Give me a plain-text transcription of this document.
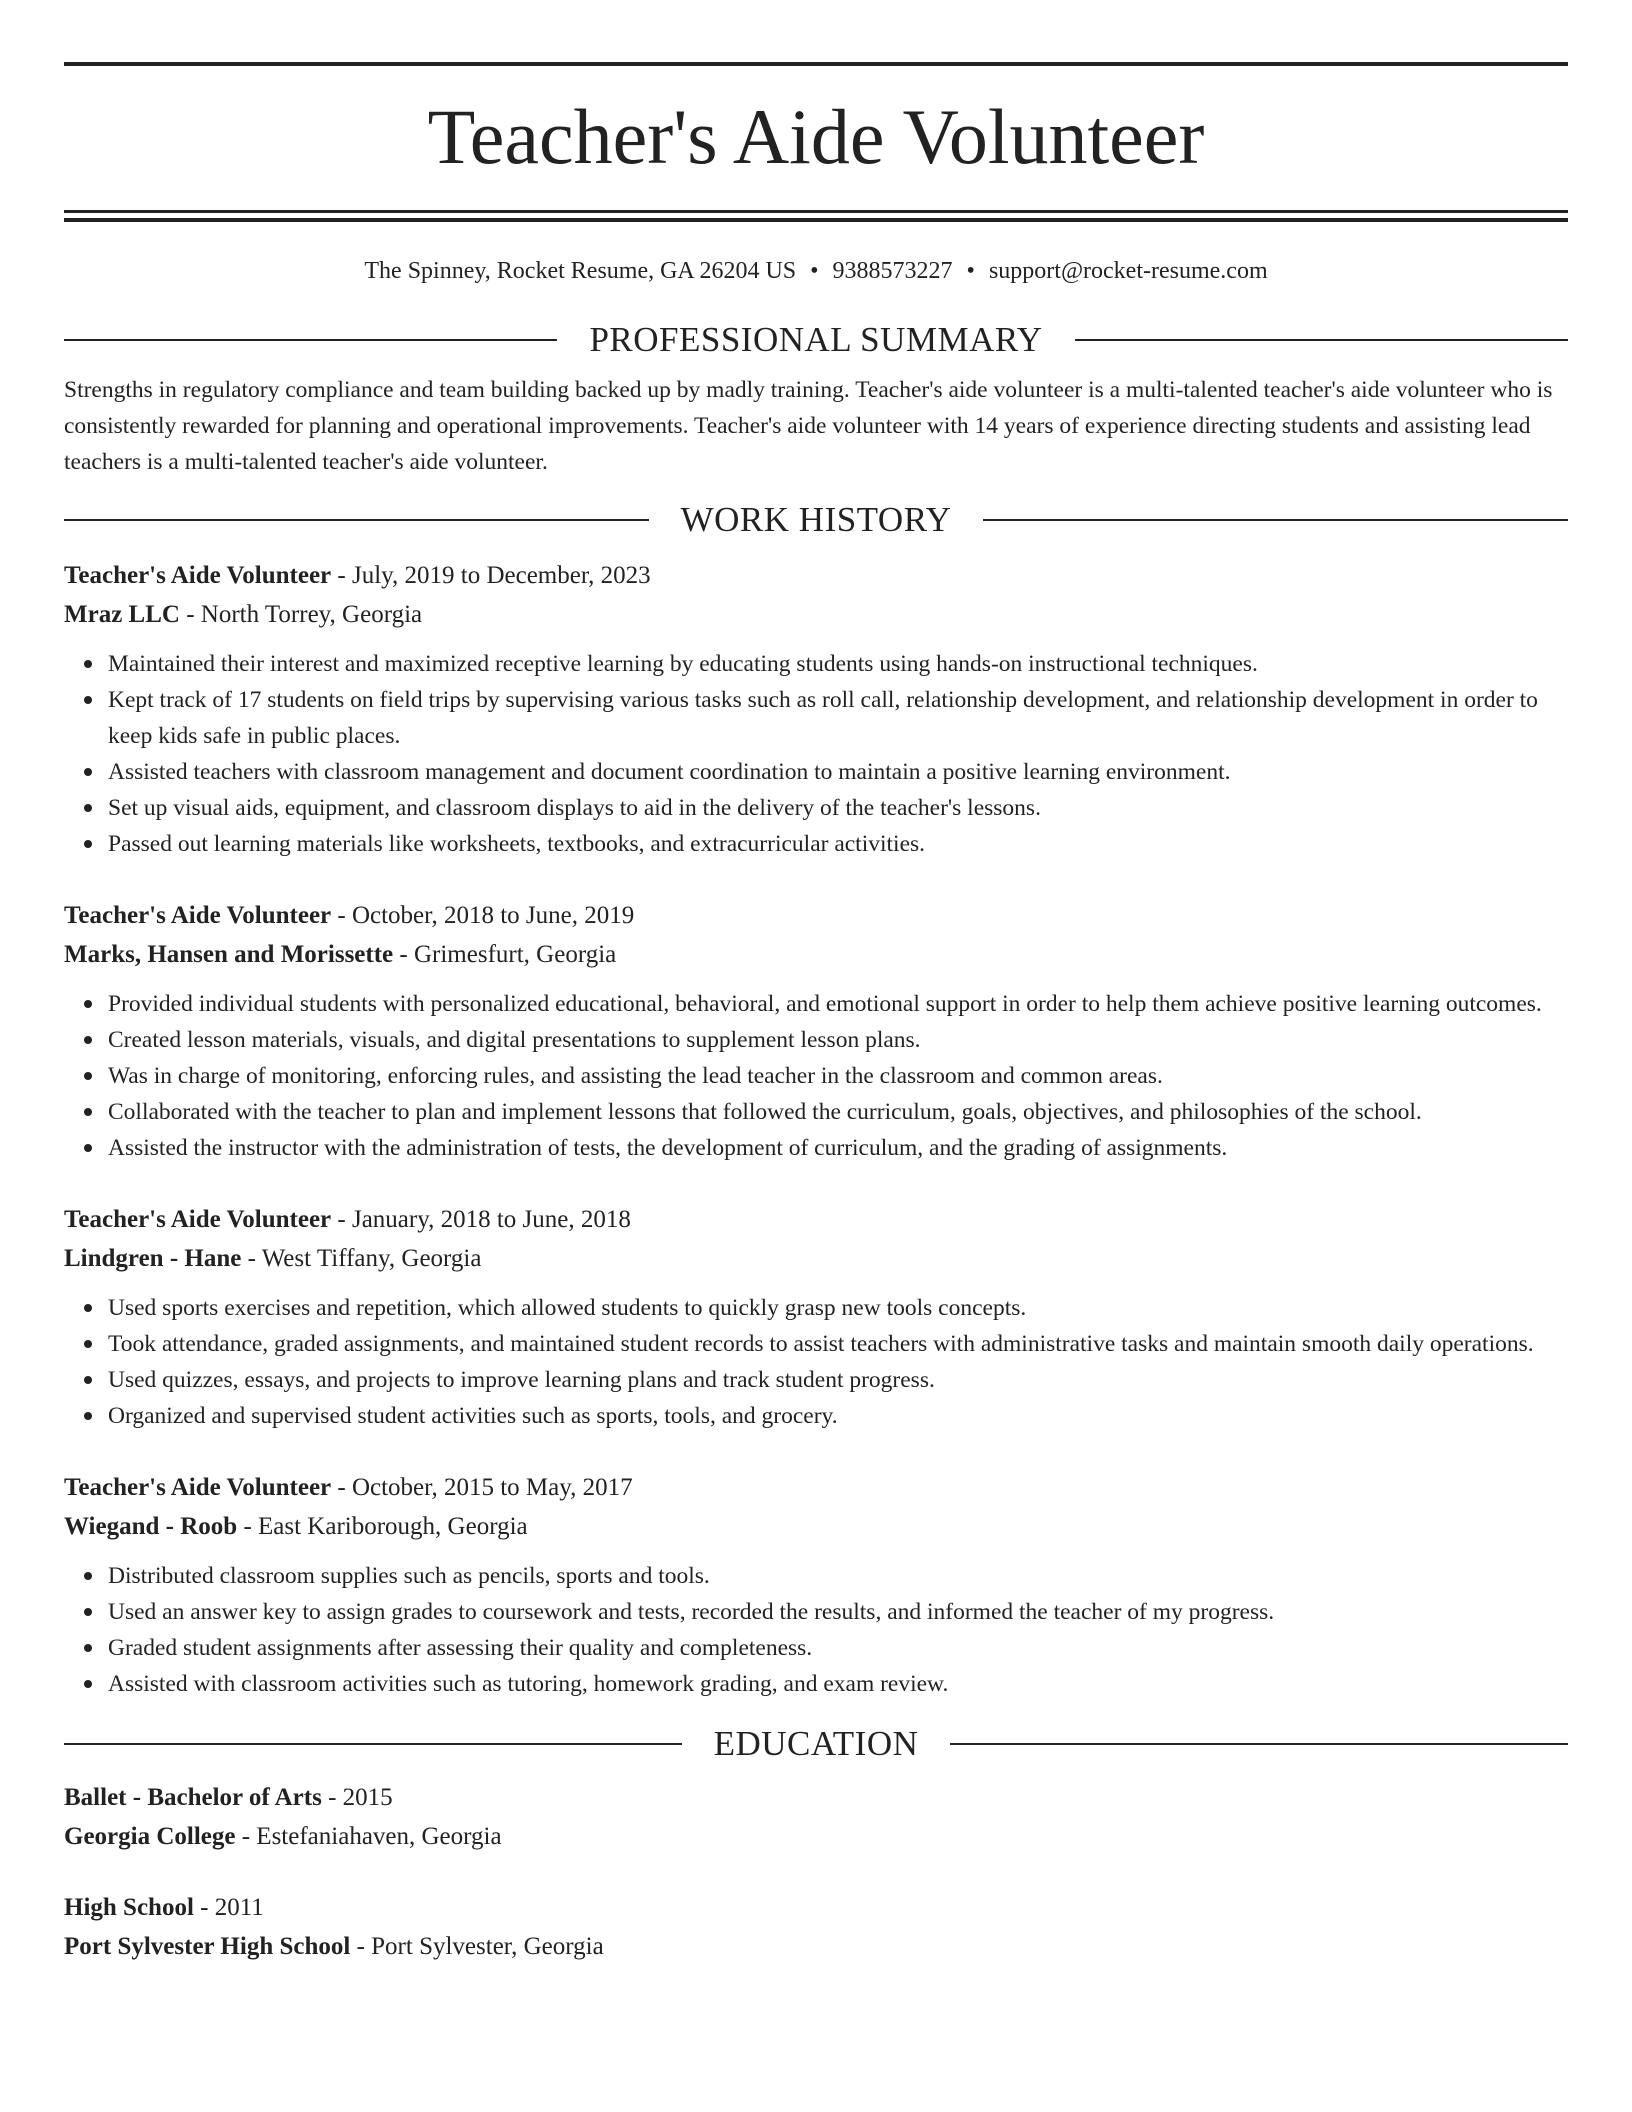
Teacher's Aide Volunteer
The Spinney, Rocket Resume, GA 26204 US • 9388573227 • support@rocket-resume.com
PROFESSIONAL SUMMARY

Strengths in regulatory compliance and team building backed up by madly training. Teacher's aide volunteer is a multi-talented teacher's aide volunteer who is consistently rewarded for planning and operational improvements. Teacher's aide volunteer with 14 years of experience directing students and assisting lead teachers is a multi-talented teacher's aide volunteer.

WORK HISTORY
Teacher's Aide Volunteer - July, 2019 to December, 2023
Mraz LLC - North Torrey, Georgia
Maintained their interest and maximized receptive learning by educating students using hands-on instructional techniques.
Kept track of 17 students on field trips by supervising various tasks such as roll call, relationship development, and relationship development in order to keep kids safe in public places.
Assisted teachers with classroom management and document coordination to maintain a positive learning environment.
Set up visual aids, equipment, and classroom displays to aid in the delivery of the teacher's lessons.
Passed out learning materials like worksheets, textbooks, and extracurricular activities.
Teacher's Aide Volunteer - October, 2018 to June, 2019
Marks, Hansen and Morissette - Grimesfurt, Georgia
Provided individual students with personalized educational, behavioral, and emotional support in order to help them achieve positive learning outcomes.
Created lesson materials, visuals, and digital presentations to supplement lesson plans.
Was in charge of monitoring, enforcing rules, and assisting the lead teacher in the classroom and common areas.
Collaborated with the teacher to plan and implement lessons that followed the curriculum, goals, objectives, and philosophies of the school.
Assisted the instructor with the administration of tests, the development of curriculum, and the grading of assignments.
Teacher's Aide Volunteer - January, 2018 to June, 2018
Lindgren - Hane - West Tiffany, Georgia
Used sports exercises and repetition, which allowed students to quickly grasp new tools concepts.
Took attendance, graded assignments, and maintained student records to assist teachers with administrative tasks and maintain smooth daily operations.
Used quizzes, essays, and projects to improve learning plans and track student progress.
Organized and supervised student activities such as sports, tools, and grocery.
Teacher's Aide Volunteer - October, 2015 to May, 2017
Wiegand - Roob - East Kariborough, Georgia
Distributed classroom supplies such as pencils, sports and tools.
Used an answer key to assign grades to coursework and tests, recorded the results, and informed the teacher of my progress.
Graded student assignments after assessing their quality and completeness.
Assisted with classroom activities such as tutoring, homework grading, and exam review.
EDUCATION
Ballet - Bachelor of Arts - 2015
Georgia College - Estefaniahaven, Georgia
High School - 2011
Port Sylvester High School - Port Sylvester, Georgia
